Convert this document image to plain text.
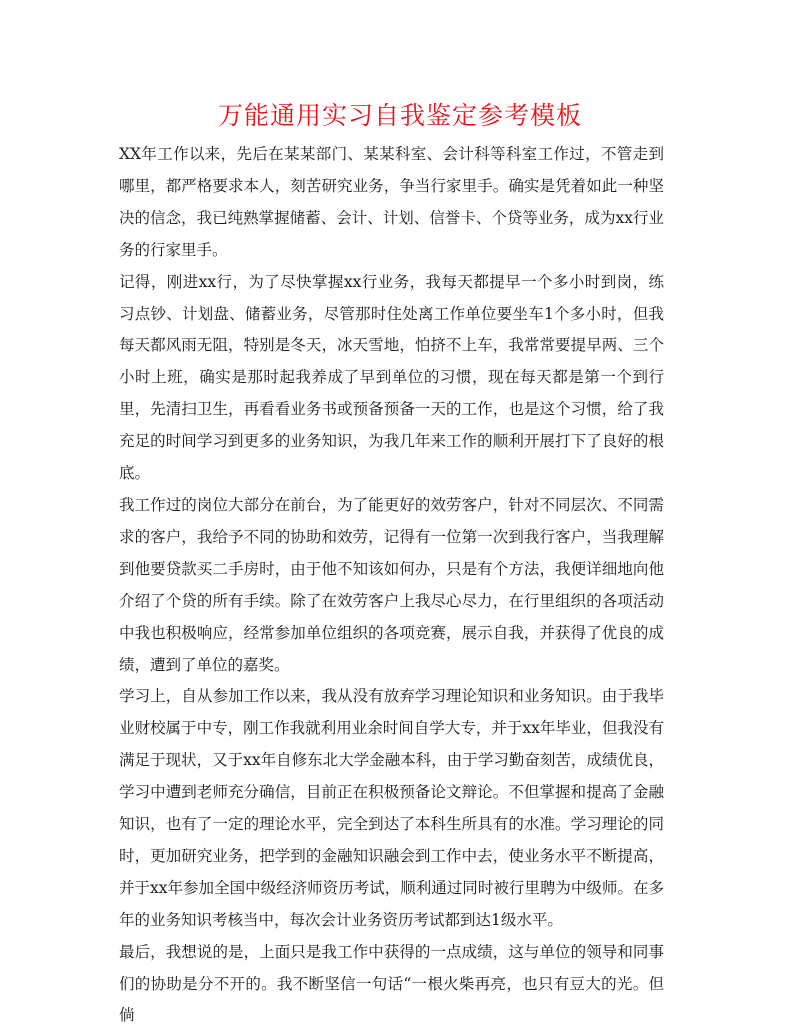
万能通用实习自我鉴定参考模板

XX年工作以来，先后在某某部门、某某科室、会计科等科室工作过，不管走到哪里，都严格要求本人，刻苦研究业务，争当行家里手。确实是凭着如此一种坚决的信念，我已纯熟掌握储蓄、会计、计划、信誉卡、个贷等业务，成为xx行业务的行家里手。

记得，刚进xx行，为了尽快掌握xx行业务，我每天都提早一个多小时到岗，练习点钞、计划盘、储蓄业务，尽管那时住处离工作单位要坐车1个多小时，但我每天都风雨无阻，特别是冬天，冰天雪地，怕挤不上车，我常常要提早两、三个小时上班，确实是那时起我养成了早到单位的习惯，现在每天都是第一个到行里，先清扫卫生，再看看业务书或预备预备一天的工作，也是这个习惯，给了我充足的时间学习到更多的业务知识，为我几年来工作的顺利开展打下了良好的根底。

我工作过的岗位大部分在前台，为了能更好的效劳客户，针对不同层次、不同需求的客户，我给予不同的协助和效劳，记得有一位第一次到我行客户，当我理解到他要贷款买二手房时，由于他不知该如何办，只是有个方法，我便详细地向他介绍了个贷的所有手续。除了在效劳客户上我尽心尽力，在行里组织的各项活动中我也积极响应，经常参加单位组织的各项竞赛，展示自我，并获得了优良的成绩，遭到了单位的嘉奖。

学习上，自从参加工作以来，我从没有放弃学习理论知识和业务知识。由于我毕业财校属于中专，刚工作我就利用业余时间自学大专，并于xx年毕业，但我没有满足于现状，又于xx年自修东北大学金融本科，由于学习勤奋刻苦，成绩优良，学习中遭到老师充分确信，目前正在积极预备论文辩论。不但掌握和提高了金融知识，也有了一定的理论水平，完全到达了本科生所具有的水准。学习理论的同时，更加研究业务，把学到的金融知识融会到工作中去，使业务水平不断提高，并于xx年参加全国中级经济师资历考试，顺利通过同时被行里聘为中级师。在多年的业务知识考核当中，每次会计业务资历考试都到达1级水平。

最后，我想说的是，上面只是我工作中获得的一点成绩，这与单位的领导和同事们的协助是分不开的。我不断坚信一句话“一根火柴再亮，也只有豆大的光。但倘
